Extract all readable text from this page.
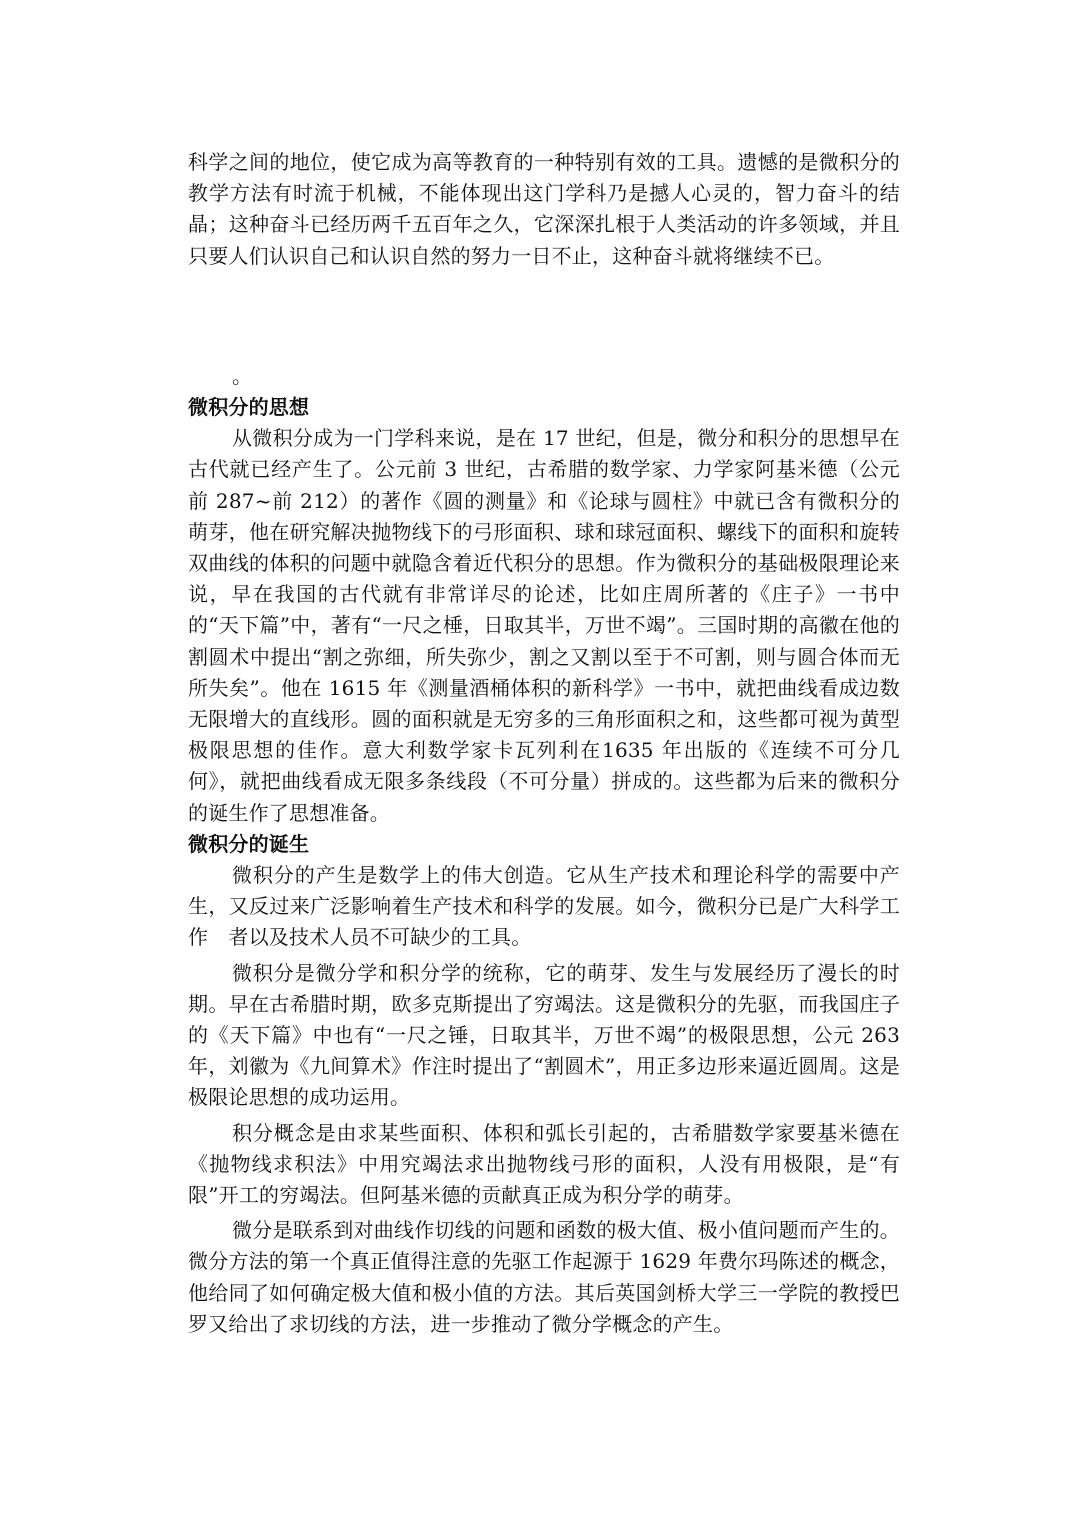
科学之间的地位，使它成为高等教育的一种特别有效的工具。遗憾的是微积分的教学方法有时流于机械，不能体现出这门学科乃是撼人心灵的，智力奋斗的结晶；这种奋斗已经历两千五百年之久，它深深扎根于人类活动的许多领域，并且只要人们认识自己和认识自然的努力一日不止，这种奋斗就将继续不已。

。

微积分的思想

从微积分成为一门学科来说，是在 17 世纪，但是，微分和积分的思想早在古代就已经产生了。公元前 3 世纪，古希腊的数学家、力学家阿基米德（公元前 287~前 212）的著作《圆的测量》和《论球与圆柱》中就已含有微积分的萌芽，他在研究解决抛物线下的弓形面积、球和球冠面积、螺线下的面积和旋转双曲线的体积的问题中就隐含着近代积分的思想。作为微积分的基础极限理论来说，早在我国的古代就有非常详尽的论述，比如庄周所著的《庄子》一书中的“天下篇”中，著有“一尺之棰，日取其半，万世不竭”。三国时期的高徽在他的割圆术中提出“割之弥细，所失弥少，割之又割以至于不可割，则与圆合体而无所失矣”。他在 1615 年《测量酒桶体积的新科学》一书中，就把曲线看成边数无限增大的直线形。圆的面积就是无穷多的三角形面积之和，这些都可视为黄型极限思想的佳作。意大利数学家卡瓦列利在1635 年出版的《连续不可分几何》，就把曲线看成无限多条线段（不可分量）拼成的。这些都为后来的微积分的诞生作了思想准备。

微积分的诞生

微积分的产生是数学上的伟大创造。它从生产技术和理论科学的需要中产生，又反过来广泛影响着生产技术和科学的发展。如今，微积分已是广大科学工作　者以及技术人员不可缺少的工具。

微积分是微分学和积分学的统称，它的萌芽、发生与发展经历了漫长的时期。早在古希腊时期，欧多克斯提出了穷竭法。这是微积分的先驱，而我国庄子的《天下篇》中也有“一尺之锤，日取其半，万世不竭”的极限思想，公元 263 年，刘徽为《九间算术》作注时提出了“割圆术”，用正多边形来逼近圆周。这是极限论思想的成功运用。

积分概念是由求某些面积、体积和弧长引起的，古希腊数学家要基米德在《抛物线求积法》中用究竭法求出抛物线弓形的面积，人没有用极限，是“有限”开工的穷竭法。但阿基米德的贡献真正成为积分学的萌芽。

微分是联系到对曲线作切线的问题和函数的极大值、极小值问题而产生的。微分方法的第一个真正值得注意的先驱工作起源于 1629 年费尔玛陈述的概念，他给同了如何确定极大值和极小值的方法。其后英国剑桥大学三一学院的教授巴罗又给出了求切线的方法，进一步推动了微分学概念的产生。
